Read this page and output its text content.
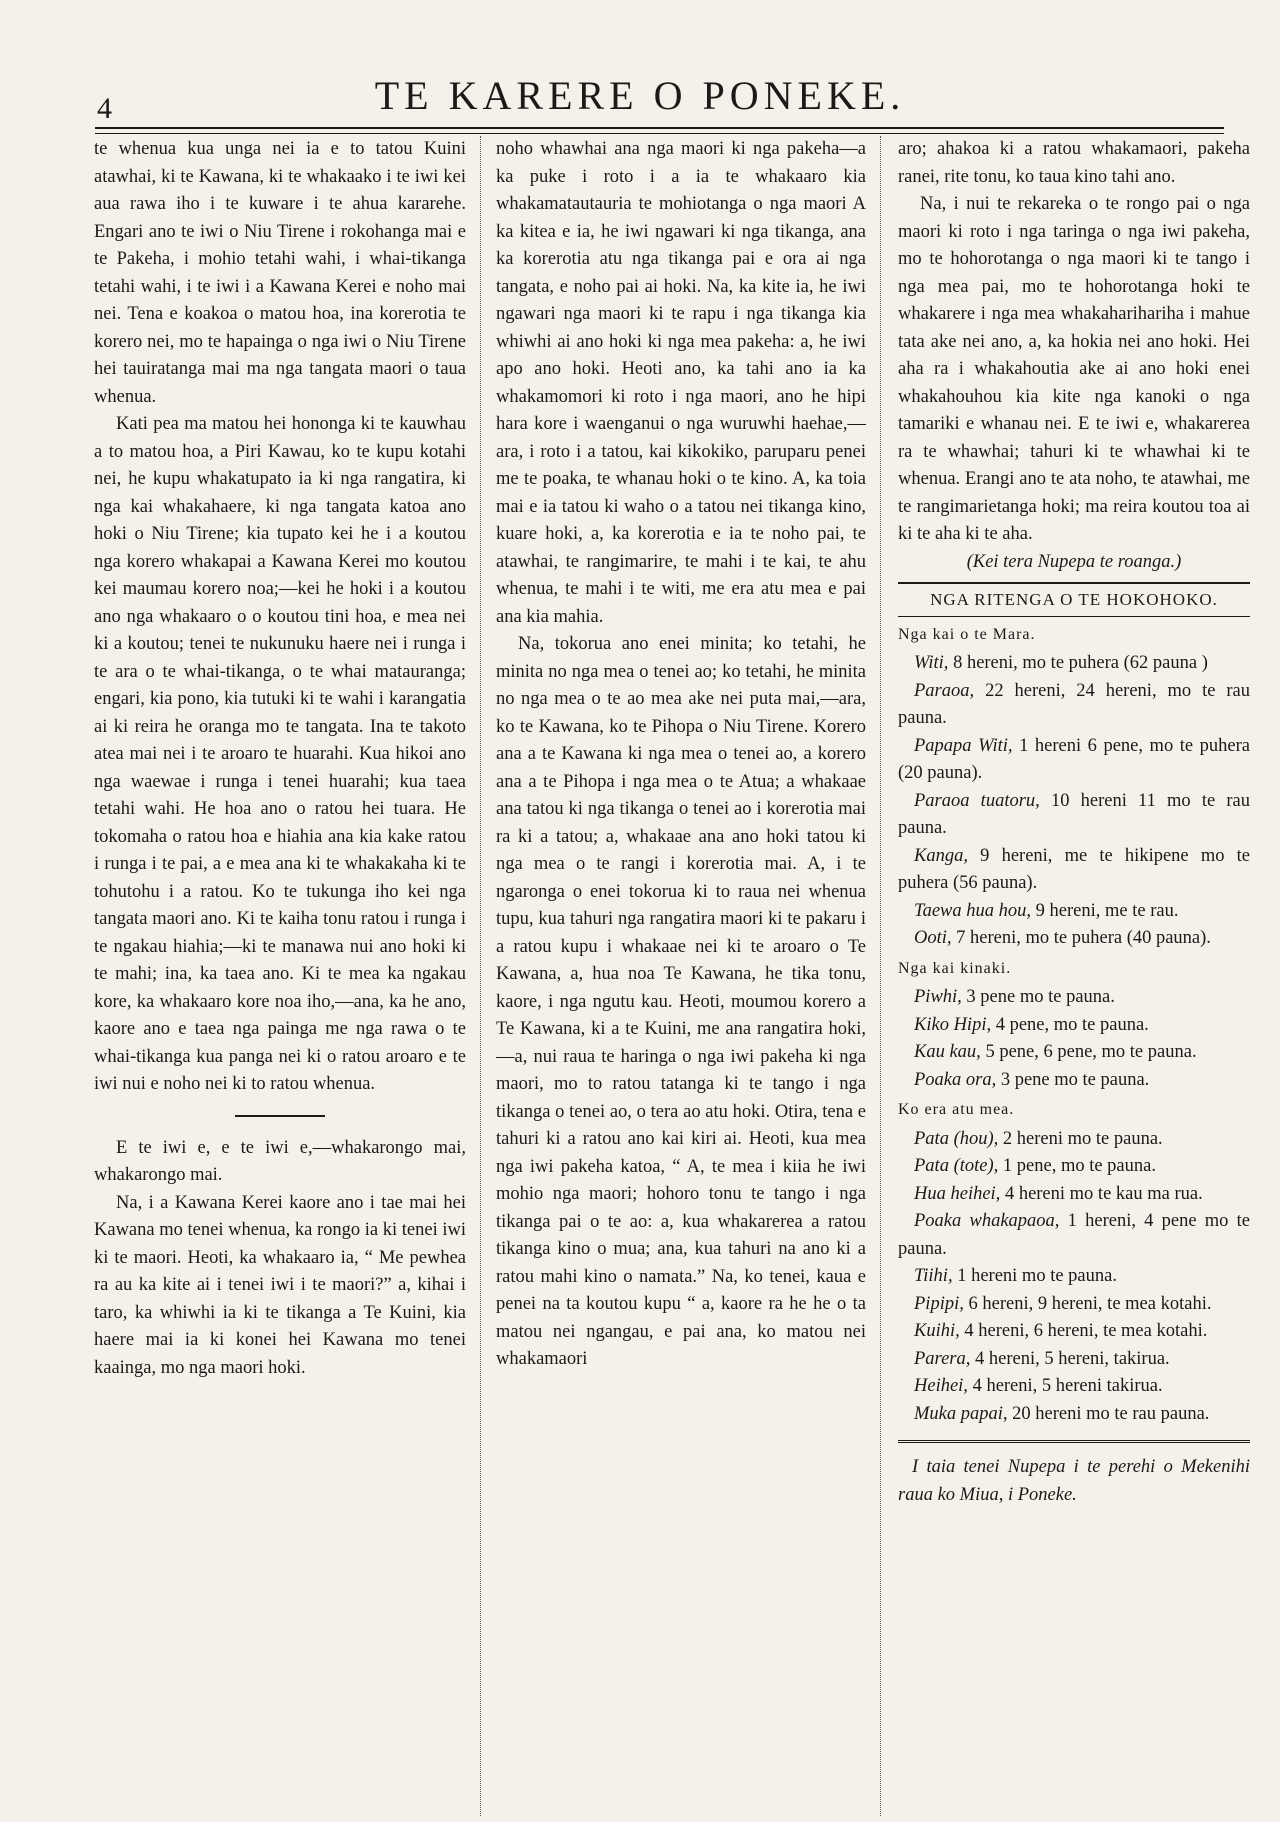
4	TE KARERE O PONEKE.

te whenua kua unga nei ia e to tatou Kuini atawhai, ki te Kawana, ki te whakaako i te iwi kei aua rawa iho i te kuware i te ahua kararehe. Engari ano te iwi o Niu Tirene i rokohanga mai e te Pakeha, i mohio tetahi wahi, i whai-tikanga tetahi wahi, i te iwi i a Kawana Kerei e noho mai nei. Tena e koakoa o matou hoa, ina korerotia te korero nei, mo te hapainga o nga iwi o Niu Tirene hei tauiratanga mai ma nga tangata maori o taua whenua.

Kati pea ma matou hei hononga ki te kauwhau a to matou hoa, a Piri Kawau, ko te kupu kotahi nei, he kupu whakatupato ia ki nga rangatira, ki nga kai whakahaere, ki nga tangata katoa ano hoki o Niu Tirene; kia tupato kei he i a koutou nga korero whakapai a Kawana Kerei mo koutou kei maumau korero noa;—kei he hoki i a koutou ano nga whakaaro o o koutou tini hoa, e mea nei ki a koutou; tenei te nukunuku haere nei i runga i te ara o te whai-tikanga, o te whai matauranga; engari, kia pono, kia tutuki ki te wahi i karangatia ai ki reira he oranga mo te tangata. Ina te takoto atea mai nei i te aroaro te huarahi. Kua hikoi ano nga waewae i runga i tenei huarahi; kua taea tetahi wahi. He hoa ano o ratou hei tuara. He tokomaha o ratou hoa e hiahia ana kia kake ratou i runga i te pai, a e mea ana ki te whakakaha ki te tohutohu i a ratou. Ko te tukunga iho kei nga tangata maori ano. Ki te kaiha tonu ratou i runga i te ngakau hiahia;—ki te manawa nui ano hoki ki te mahi; ina, ka taea ano. Ki te mea ka ngakau kore, ka whakaaro kore noa iho,—ana, ka he ano, kaore ano e taea nga painga me nga rawa o te whai-tikanga kua panga nei ki o ratou aroaro e te iwi nui e noho nei ki to ratou whenua.

E te iwi e, e te iwi e,—whakarongo mai, whakarongo mai.

Na, i a Kawana Kerei kaore ano i tae mai hei Kawana mo tenei whenua, ka rongo ia ki tenei iwi ki te maori. Heoti, ka whakaaro ia, “ Me pewhea ra au ka kite ai i tenei iwi i te maori?” a, kihai i taro, ka whiwhi ia ki te tikanga a Te Kuini, kia haere mai ia ki konei hei Kawana mo tenei kaainga, mo nga maori hoki.

noho whawhai ana nga maori ki nga pakeha—a ka puke i roto i a ia te whakaaro kia whakamatautauria te mohiotanga o nga maori A ka kitea e ia, he iwi ngawari ki nga tikanga, ana ka korerotia atu nga tikanga pai e ora ai nga tangata, e noho pai ai hoki. Na, ka kite ia, he iwi ngawari nga maori ki te rapu i nga tikanga kia whiwhi ai ano hoki ki nga mea pakeha: a, he iwi apo ano hoki. Heoti ano, ka tahi ano ia ka whakamomori ki roto i nga maori, ano he hipi hara kore i waenganui o nga wuruwhi haehae,—ara, i roto i a tatou, kai kikokiko, paruparu penei me te poaka, te whanau hoki o te kino. A, ka toia mai e ia tatou ki waho o a tatou nei tikanga kino, kuare hoki, a, ka korerotia e ia te noho pai, te atawhai, te rangimarire, te mahi i te kai, te ahu whenua, te mahi i te witi, me era atu mea e pai ana kia mahia.

Na, tokorua ano enei minita; ko tetahi, he minita no nga mea o tenei ao; ko tetahi, he minita no nga mea o te ao mea ake nei puta mai,—ara, ko te Kawana, ko te Pihopa o Niu Tirene. Korero ana a te Kawana ki nga mea o tenei ao, a korero ana a te Pihopa i nga mea o te Atua; a whakaae ana tatou ki nga tikanga o tenei ao i korerotia mai ra ki a tatou; a, whakaae ana ano hoki tatou ki nga mea o te rangi i korerotia mai. A, i te ngaronga o enei tokorua ki to raua nei whenua tupu, kua tahuri nga rangatira maori ki te pakaru i a ratou kupu i whakaae nei ki te aroaro o Te Kawana, a, hua noa Te Kawana, he tika tonu, kaore, i nga ngutu kau. Heoti, moumou korero a Te Kawana, ki a te Kuini, me ana rangatira hoki, —a, nui raua te haringa o nga iwi pakeha ki nga maori, mo to ratou tatanga ki te tango i nga tikanga o tenei ao, o tera ao atu hoki. Otira, tena e tahuri ki a ratou ano kai kiri ai. Heoti, kua mea nga iwi pakeha katoa, “ A, te mea i kiia he iwi mohio nga maori; hohoro tonu te tango i nga tikanga pai o te ao: a, kua whakarerea a ratou tikanga kino o mua; ana, kua tahuri na ano ki a ratou mahi kino o namata.” Na, ko tenei, kaua e penei na ta koutou kupu “ a, kaore ra he he o ta matou nei ngangau, e pai ana, ko matou nei whakamaori

aro; ahakoa ki a ratou whakamaori, pakeha ranei, rite tonu, ko taua kino tahi ano.

Na, i nui te rekareka o te rongo pai o nga maori ki roto i nga taringa o nga iwi pakeha, mo te hohorotanga o nga maori ki te tango i nga mea pai, mo te hohorotanga hoki te whakarere i nga mea whakaharihariha i mahue tata ake nei ano, a, ka hokia nei ano hoki. Hei aha ra i whakahoutia ake ai ano hoki enei whakahouhou kia kite nga kanoki o nga tamariki e whanau nei. E te iwi e, whakarerea ra te whawhai; tahuri ki te whawhai ki te whenua. Erangi ano te ata noho, te atawhai, me te rangimarietanga hoki; ma reira koutou toa ai ki te aha ki te aha.

(Kei tera Nupepa te roanga.)

NGA RITENGA O TE HOKOHOKO.
Nga kai o te Mara.

Witi, 8 hereni, mo te puhera (62 pauna )

Paraoa, 22 hereni, 24 hereni, mo te rau pauna.

Papapa Witi, 1 hereni 6 pene, mo te puhera (20 pauna).

Paraoa tuatoru, 10 hereni 11 mo te rau pauna.

Kanga, 9 hereni, me te hikipene mo te puhera (56 pauna).

Taewa hua hou, 9 hereni, me te rau.

Ooti, 7 hereni, mo te puhera (40 pauna).

Nga kai kinaki.

Piwhi, 3 pene mo te pauna.

Kiko Hipi, 4 pene, mo te pauna.

Kau kau, 5 pene, 6 pene, mo te pauna.

Poaka ora, 3 pene mo te pauna.

Ko era atu mea.

Pata (hou), 2 hereni mo te pauna.

Pata (tote), 1 pene, mo te pauna.

Hua heihei, 4 hereni mo te kau ma rua.

Poaka whakapaoa, 1 hereni, 4 pene mo te pauna.

Tiihi, 1 hereni mo te pauna.

Pipipi, 6 hereni, 9 hereni, te mea kotahi.

Kuihi, 4 hereni, 6 hereni, te mea kotahi.

Parera, 4 hereni, 5 hereni, takirua.

Heihei, 4 hereni, 5 hereni takirua.

Muka papai, 20 hereni mo te rau pauna.

I taia tenei Nupepa i te perehi o Mekenihi raua ko Miua, i Poneke.
